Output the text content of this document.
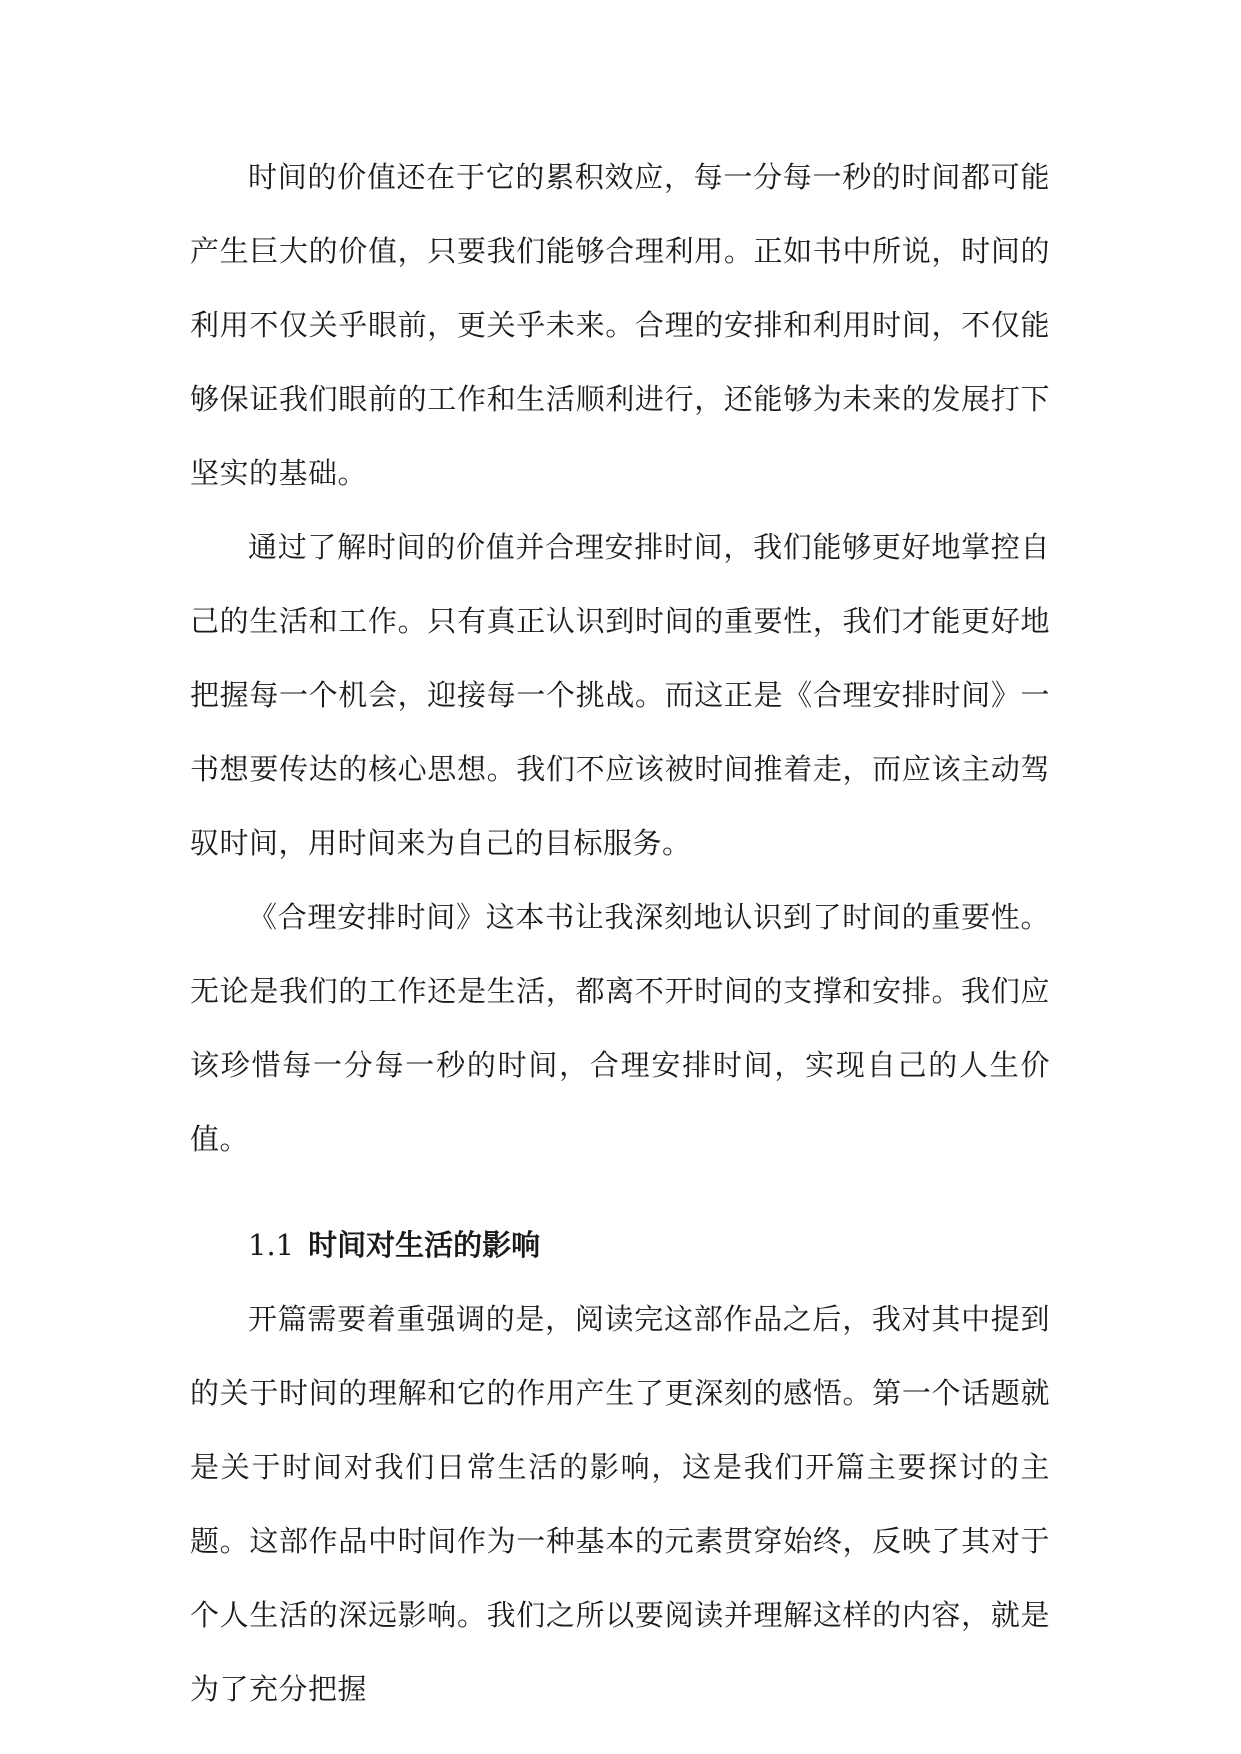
时间的价值还在于它的累积效应，每一分每一秒的时间都可能产生巨大的价值，只要我们能够合理利用。正如书中所说，时间的利用不仅关乎眼前，更关乎未来。合理的安排和利用时间，不仅能够保证我们眼前的工作和生活顺利进行，还能够为未来的发展打下坚实的基础。

通过了解时间的价值并合理安排时间，我们能够更好地掌控自己的生活和工作。只有真正认识到时间的重要性，我们才能更好地把握每一个机会，迎接每一个挑战。而这正是《合理安排时间》一书想要传达的核心思想。我们不应该被时间推着走，而应该主动驾驭时间，用时间来为自己的目标服务。

《合理安排时间》这本书让我深刻地认识到了时间的重要性。无论是我们的工作还是生活，都离不开时间的支撑和安排。我们应该珍惜每一分每一秒的时间，合理安排时间，实现自己的人生价值。

1.1 时间对生活的影响

开篇需要着重强调的是，阅读完这部作品之后，我对其中提到的关于时间的理解和它的作用产生了更深刻的感悟。第一个话题就是关于时间对我们日常生活的影响，这是我们开篇主要探讨的主题。这部作品中时间作为一种基本的元素贯穿始终，反映了其对于个人生活的深远影响。我们之所以要阅读并理解这样的内容，就是为了充分把握
